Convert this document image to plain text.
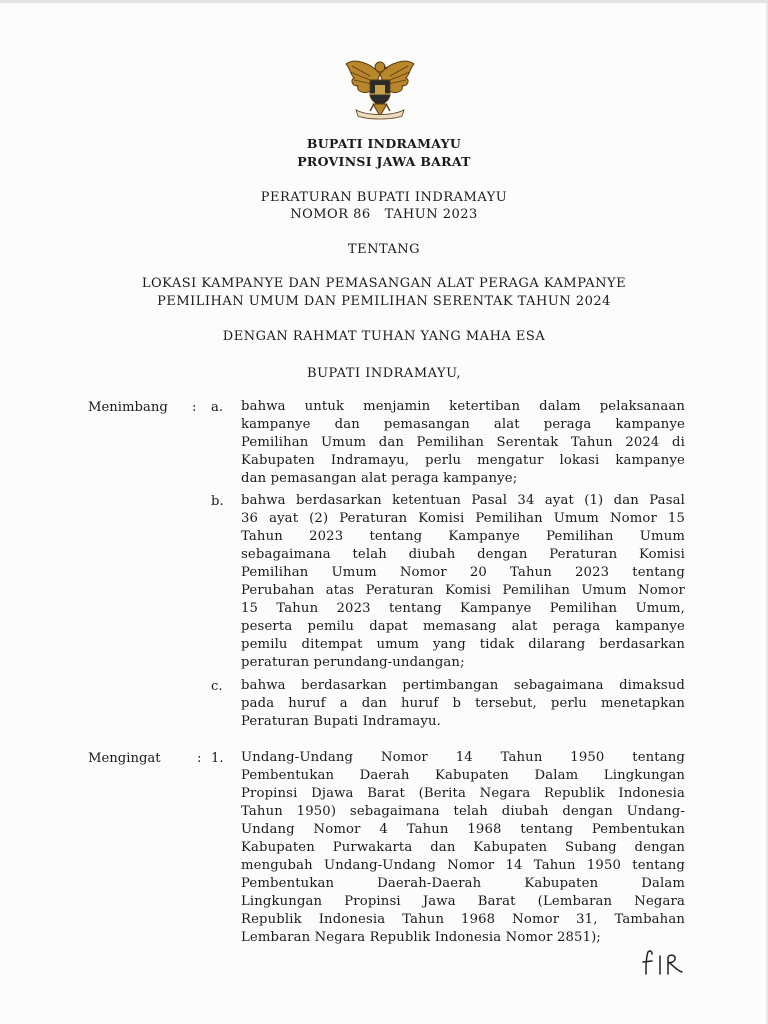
BUPATI INDRAMAYU
PROVINSI JAWA BARAT
PERATURAN BUPATI INDRAMAYU
NOMOR 86   TAHUN 2023
TENTANG
LOKASI KAMPANYE DAN PEMASANGAN ALAT PERAGA KAMPANYE
PEMILIHAN UMUM DAN PEMILIHAN SERENTAK TAHUN 2024
DENGAN RAHMAT TUHAN YANG MAHA ESA
BUPATI INDRAMAYU,
Menimbang : a. bahwa untuk menjamin ketertiban dalam pelaksanaan
kampanye dan pemasangan alat peraga kampanye
Pemilihan Umum dan Pemilihan Serentak Tahun 2024 di
Kabupaten Indramayu, perlu mengatur lokasi kampanye
dan pemasangan alat peraga kampanye;
b. bahwa berdasarkan ketentuan Pasal 34 ayat (1) dan Pasal
36 ayat (2) Peraturan Komisi Pemilihan Umum Nomor 15
Tahun 2023 tentang Kampanye Pemilihan Umum
sebagaimana telah diubah dengan Peraturan Komisi
Pemilihan Umum Nomor 20 Tahun 2023 tentang
Perubahan atas Peraturan Komisi Pemilihan Umum Nomor
15 Tahun 2023 tentang Kampanye Pemilihan Umum,
peserta pemilu dapat memasang alat peraga kampanye
pemilu ditempat umum yang tidak dilarang berdasarkan
peraturan perundang-undangan;
c. bahwa berdasarkan pertimbangan sebagaimana dimaksud
pada huruf a dan huruf b tersebut, perlu menetapkan
Peraturan Bupati Indramayu.
Mengingat	: 1. Undang-Undang Nomor 14 Tahun 1950 tentang
Pembentukan Daerah Kabupaten Dalam Lingkungan
Propinsi Djawa Barat (Berita Negara Republik Indonesia
Tahun 1950) sebagaimana telah diubah dengan Undang-
Undang Nomor 4 Tahun 1968 tentang Pembentukan
Kabupaten Purwakarta dan Kabupaten Subang dengan
mengubah Undang-Undang Nomor 14 Tahun 1950 tentang
Pembentukan Daerah-Daerah Kabupaten Dalam
Lingkungan Propinsi Jawa Barat (Lembaran Negara
Republik Indonesia Tahun 1968 Nomor 31, Tambahan
Lembaran Negara Republik Indonesia Nomor 2851);
